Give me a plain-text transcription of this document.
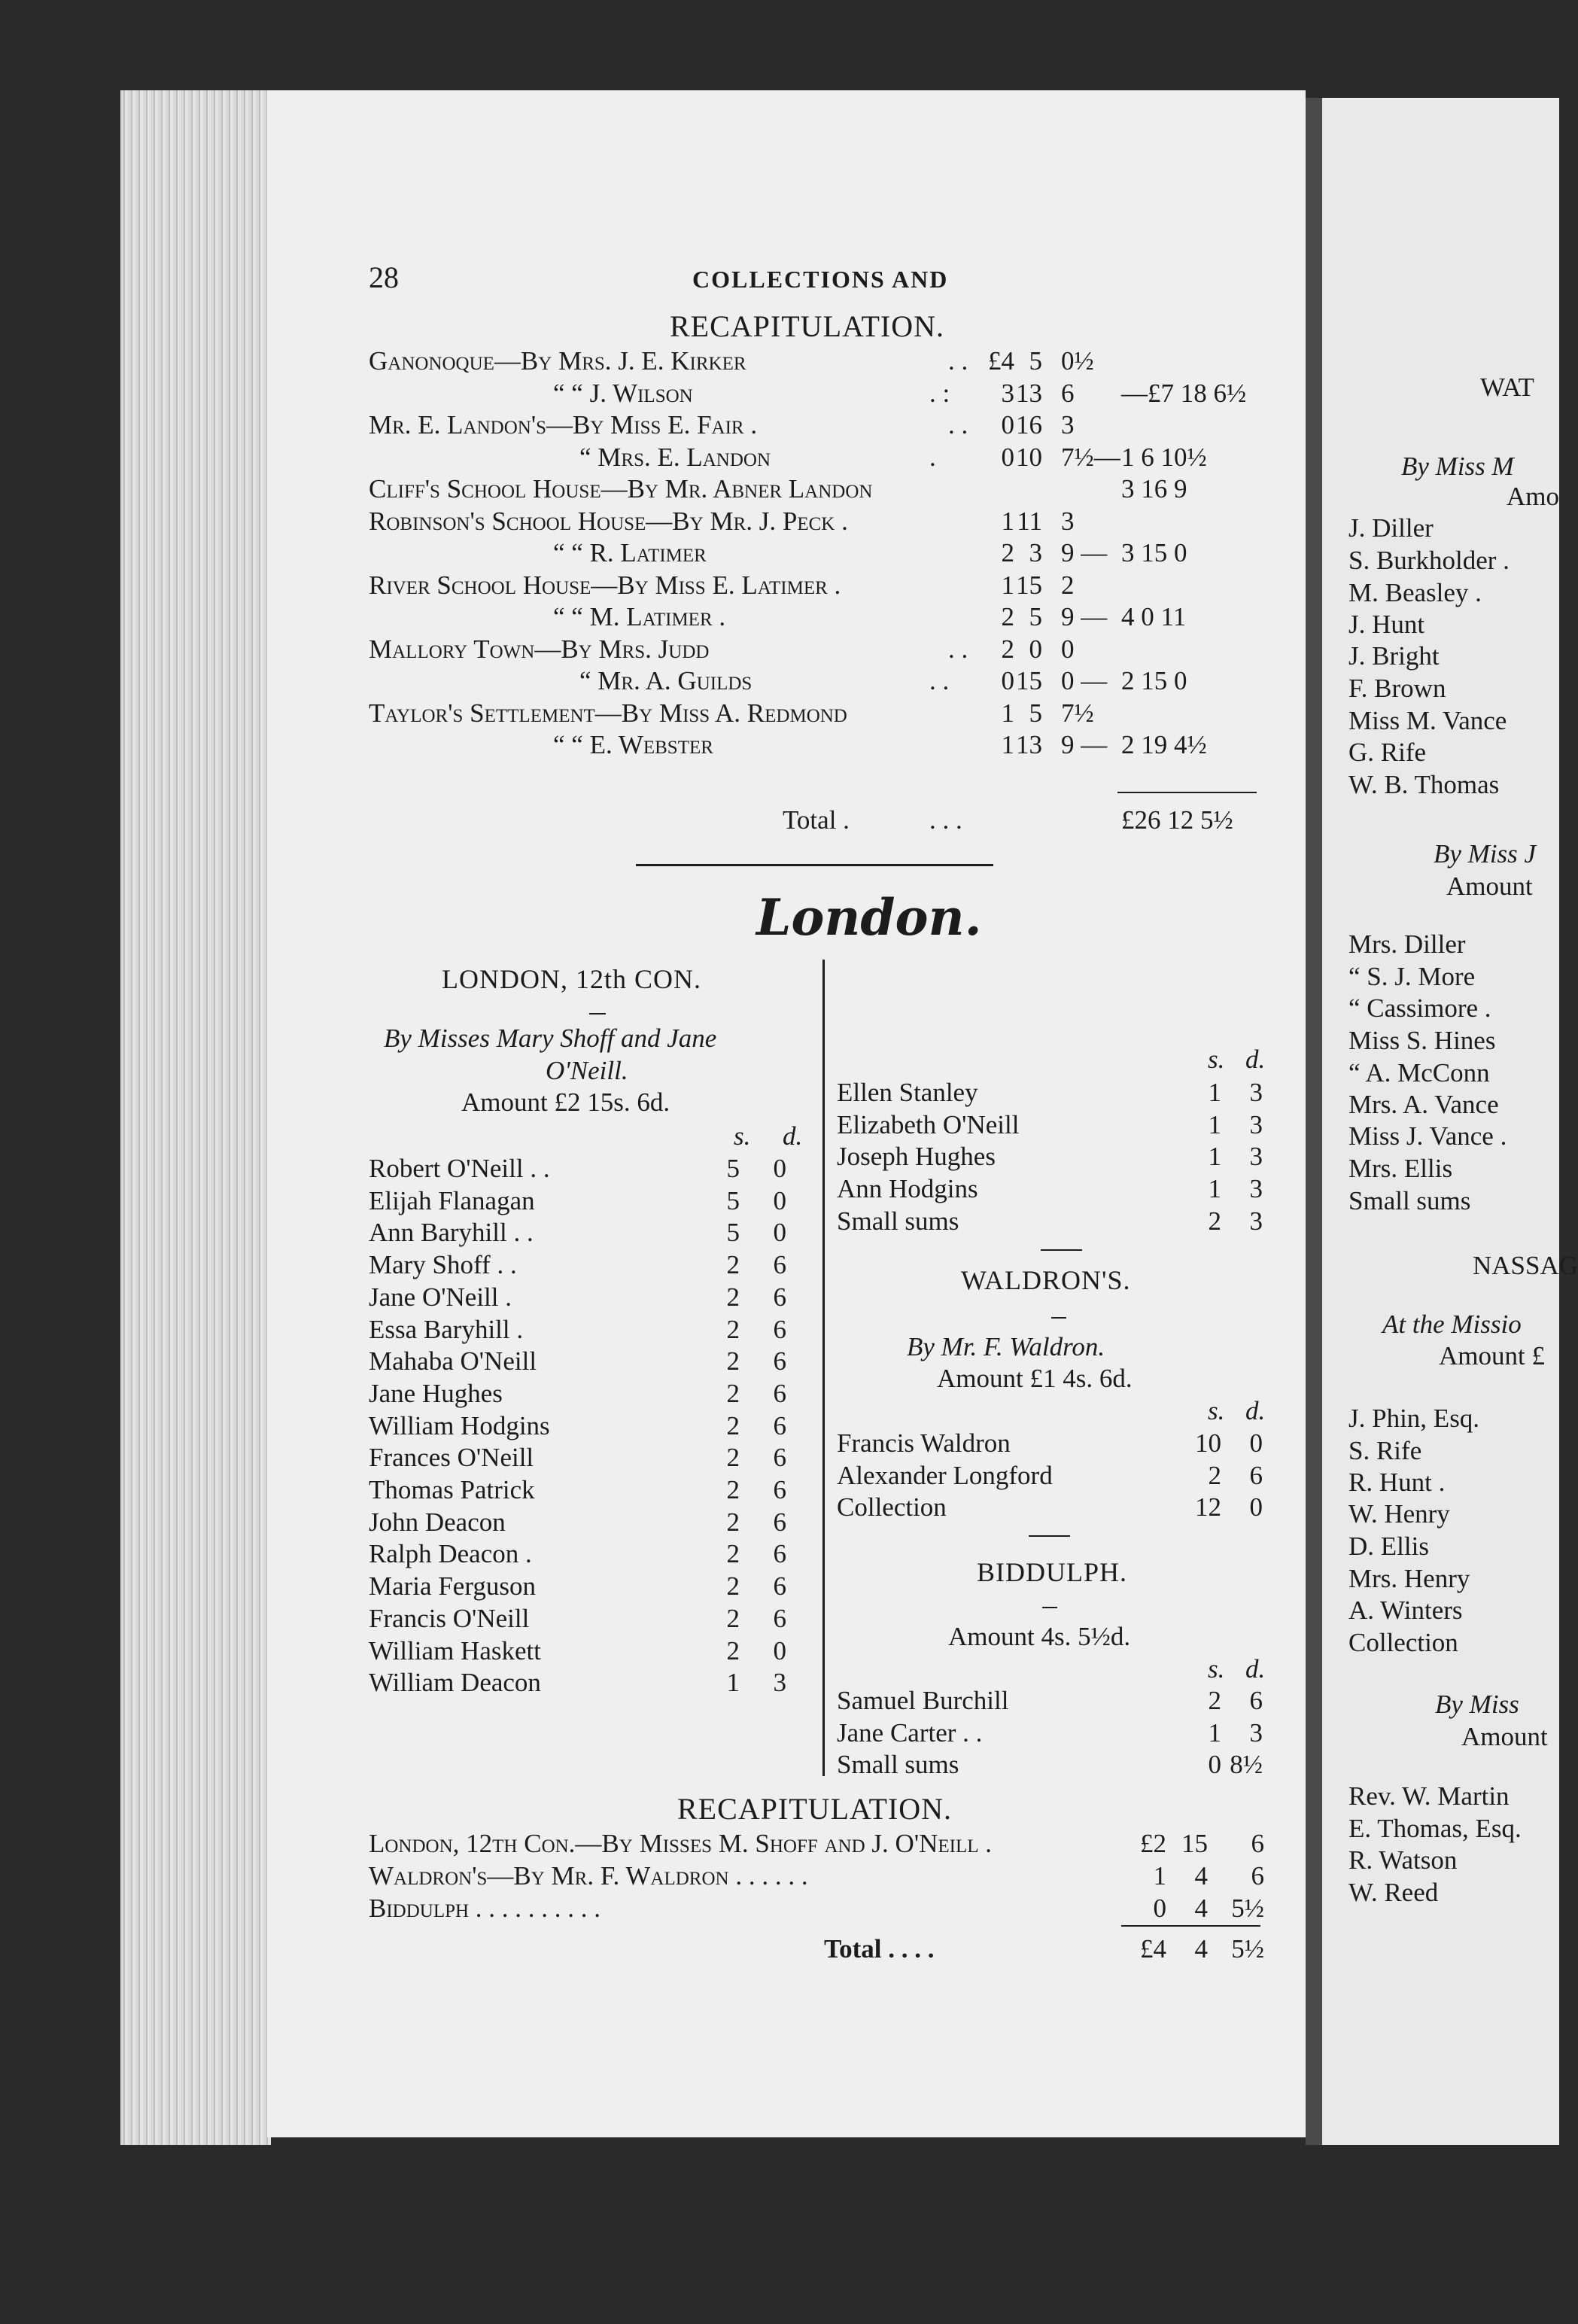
28	COLLECTIONS AND
RECAPITULATION.
Ganonoque—By Mrs. J. E. Kirker	. . £4 5 0½
“ “ J. Wilson	. :	3 13 6 —£7 18 6½
Mr. E. Landon's—By Miss E. Fair .	. .	0 16 3
“ Mrs. E. Landon	.	0 10 7½— 1 6 10½
Cliff's School House—By Mr. Abner Landon	3 16 9
Robinson's School House—By Mr. J. Peck .	1 11 3
“ “ R. Latimer	2 3 9 — 3 15 0
River School House—By Miss E. Latimer .	1 15 2
“ “ M. Latimer .	2 5 9 — 4 0 11
Mallory Town—By Mrs. Judd	. .	2 0 0
“ Mr. A. Guilds	. .	0 15 0 — 2 15 0
Taylor's Settlement—By Miss A. Redmond	1 5 7½
“ “ E. Webster	1 13 9 — 2 19 4½
Total .	. . .	£26 12 5½
London.
LONDON, 12th CON.
By Misses Mary Shoff and Jane
O'Neill.
Amount £2 15s. 6d.
s. d.
Robert O'Neill . .	5	0
Elijah Flanagan	5	0
Ann Baryhill . .	5	0
Mary Shoff . .	2	6
Jane O'Neill .	2	6
Essa Baryhill .	2	6
Mahaba O'Neill	2	6
Jane Hughes	2	6
William Hodgins	2	6
Frances O'Neill	2	6
Thomas Patrick	2	6
John Deacon	2	6
Ralph Deacon .	2	6
Maria Ferguson	2	6
Francis O'Neill	2	6
William Haskett	2	0
William Deacon	1	3
s. d.
Ellen Stanley	1	3
Elizabeth O'Neill	1	3
Joseph Hughes	1	3
Ann Hodgins	1	3
Small sums	2	3
WALDRON'S.
By Mr. F. Waldron.
Amount £1 4s. 6d.
s. d.
Francis Waldron	10	0
Alexander Longford	2	6
Collection	12	0
BIDDULPH.
Amount 4s. 5½d.
s. d.
Samuel Burchill	2	6
Jane Carter . .	1	3
Small sums	0 8½
RECAPITULATION.
London, 12th Con.—By Misses M. Shoff and J. O'Neill .	£2 15	6
Waldron's—By Mr. F. Waldron . . . . . .	1	4	6
Biddulph . . . . . . . . . .	0	4 5½
Total . . . .	£4	4 5½
WAT
By Miss M
Amo
J. Diller
S. Burkholder .
M. Beasley .
J. Hunt
J. Bright
F. Brown
Miss M. Vance
G. Rife
W. B. Thomas
By Miss J
Amount
Mrs. Diller
“ S. J. More
“ Cassimore .
Miss S. Hines
“ A. McConn
Mrs. A. Vance
Miss J. Vance .
Mrs. Ellis
Small sums
NASSAG
At the Missio
Amount £
J. Phin, Esq.
S. Rife
R. Hunt .
W. Henry
D. Ellis
Mrs. Henry
A. Winters
Collection
By Miss
Amount
Rev. W. Martin
E. Thomas, Esq.
R. Watson
W. Reed
